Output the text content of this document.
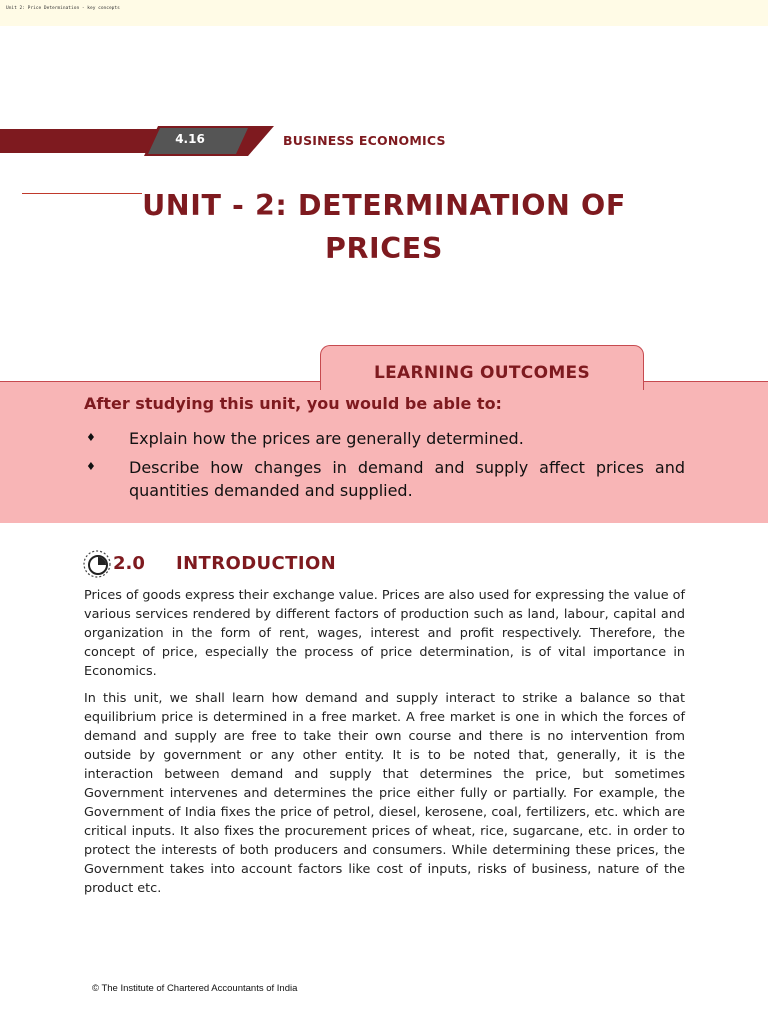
Unit 2: Price Determination - key concepts
4.16	BUSINESS ECONOMICS
UNIT - 2: DETERMINATION OF
PRICES
LEARNING OUTCOMES
After studying this unit, you would be able to:
♦ Explain how the prices are generally determined.
♦ Describe how changes in demand and supply affect prices and
quantities demanded and supplied.
2.0 INTRODUCTION

Prices of goods express their exchange value. Prices are also used for expressing the value of various services rendered by different factors of production such as land, labour, capital and organization in the form of rent, wages, interest and profit respectively. Therefore, the concept of price, especially the process of price determination, is of vital importance in Economics.

In this unit, we shall learn how demand and supply interact to strike a balance so that equilibrium price is determined in a free market. A free market is one in which the forces of demand and supply are free to take their own course and there is no intervention from outside by government or any other entity. It is to be noted that, generally, it is the interaction between demand and supply that determines the price, but sometimes Government intervenes and determines the price either fully or partially. For example, the Government of India fixes the price of petrol, diesel, kerosene, coal, fertilizers, etc. which are critical inputs. It also fixes the procurement prices of wheat, rice, sugarcane, etc. in order to protect the interests of both producers and consumers. While determining these prices, the Government takes into account factors like cost of inputs, risks of business, nature of the product etc.

© The Institute of Chartered Accountants of India
